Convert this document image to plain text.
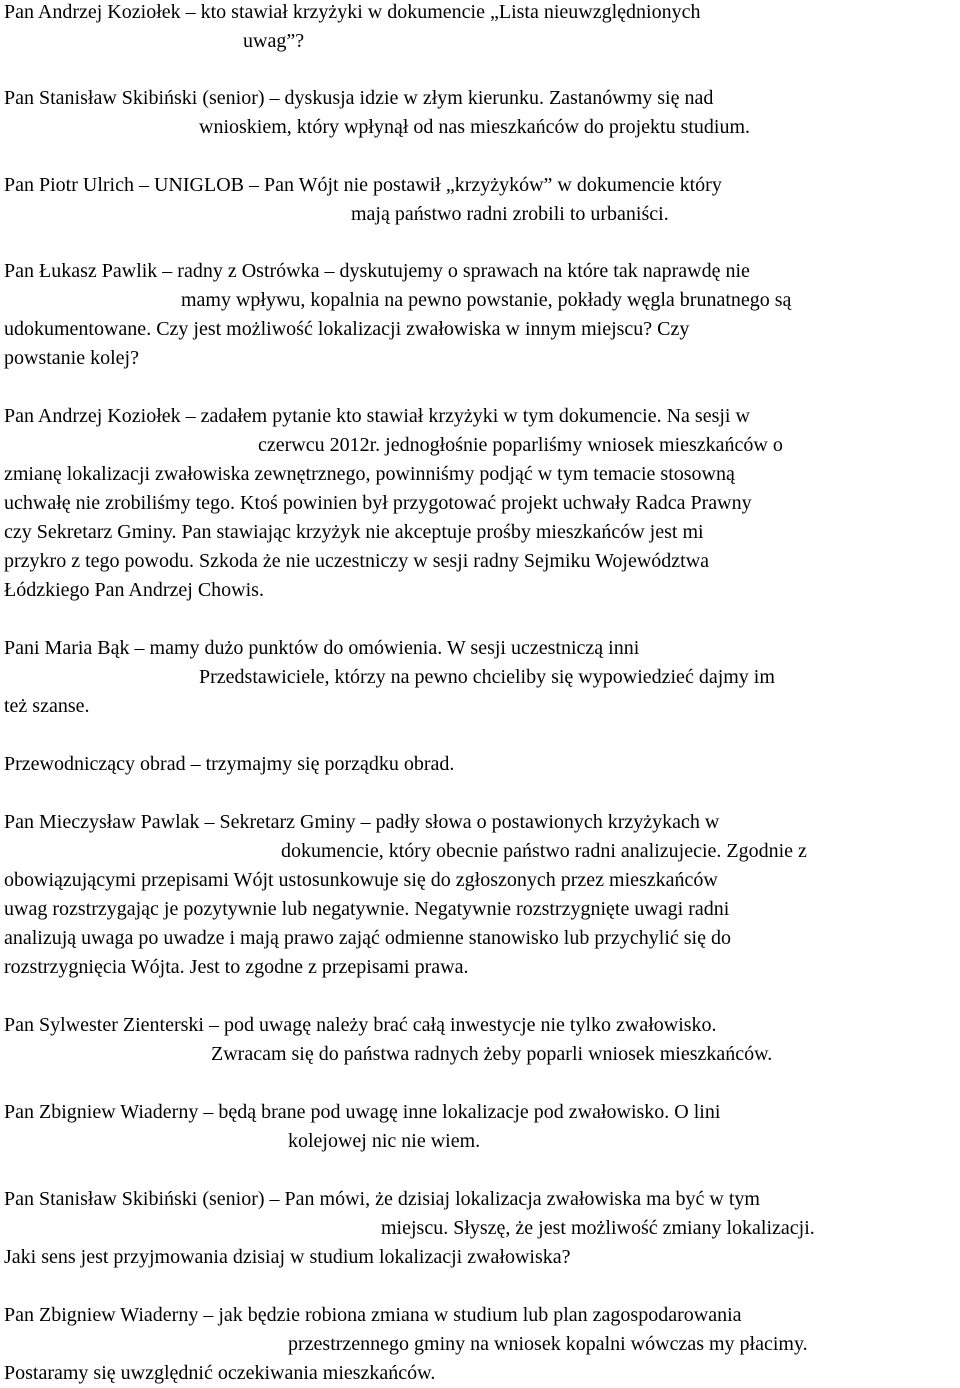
Pan Andrzej Koziołek – kto stawiał krzyżyki w dokumencie „Lista nieuwzględnionych
uwag”?
Pan Stanisław Skibiński (senior) – dyskusja idzie w złym kierunku. Zastanówmy się nad
wnioskiem, który wpłynął od nas mieszkańców do projektu studium.
Pan Piotr Ulrich – UNIGLOB – Pan Wójt nie postawił „krzyżyków” w dokumencie który
mają państwo radni zrobili to urbaniści.
Pan Łukasz Pawlik – radny z Ostrówka – dyskutujemy o sprawach na które tak naprawdę nie
mamy wpływu, kopalnia na pewno powstanie, pokłady węgla brunatnego są
udokumentowane. Czy jest możliwość lokalizacji zwałowiska w innym miejscu? Czy
powstanie kolej?
Pan Andrzej Koziołek – zadałem pytanie kto stawiał krzyżyki w tym dokumencie. Na sesji w
czerwcu 2012r. jednogłośnie poparliśmy wniosek mieszkańców o
zmianę lokalizacji zwałowiska zewnętrznego, powinniśmy podjąć w tym temacie stosowną
uchwałę nie zrobiliśmy tego. Ktoś powinien był przygotować projekt uchwały Radca Prawny
czy Sekretarz Gminy. Pan stawiając krzyżyk nie akceptuje prośby mieszkańców jest mi
przykro z tego powodu. Szkoda że nie uczestniczy w sesji radny Sejmiku Województwa
Łódzkiego Pan Andrzej Chowis.
Pani Maria Bąk – mamy dużo punktów do omówienia. W sesji uczestniczą inni
Przedstawiciele, którzy na pewno chcieliby się wypowiedzieć dajmy im
też szanse.
Przewodniczący obrad – trzymajmy się porządku obrad.
Pan Mieczysław Pawlak – Sekretarz Gminy – padły słowa o postawionych krzyżykach w
dokumencie, który obecnie państwo radni analizujecie. Zgodnie z
obowiązującymi przepisami Wójt ustosunkowuje się do zgłoszonych przez mieszkańców
uwag rozstrzygając je pozytywnie lub negatywnie. Negatywnie rozstrzygnięte uwagi radni
analizują uwaga po uwadze i mają prawo zająć odmienne stanowisko lub przychylić się do
rozstrzygnięcia Wójta. Jest to zgodne z przepisami prawa.
Pan Sylwester Zienterski – pod uwagę należy brać całą inwestycje nie tylko zwałowisko.
Zwracam się do państwa radnych żeby poparli wniosek mieszkańców.
Pan Zbigniew Wiaderny – będą brane pod uwagę inne lokalizacje pod zwałowisko. O lini
kolejowej nic nie wiem.
Pan Stanisław Skibiński (senior) – Pan mówi, że dzisiaj lokalizacja zwałowiska ma być w tym
miejscu. Słyszę, że jest możliwość zmiany lokalizacji.
Jaki sens jest przyjmowania dzisiaj w studium lokalizacji zwałowiska?
Pan Zbigniew Wiaderny – jak będzie robiona zmiana w studium lub plan zagospodarowania
przestrzennego gminy na wniosek kopalni wówczas my płacimy.
Postaramy się uwzględnić oczekiwania mieszkańców.
